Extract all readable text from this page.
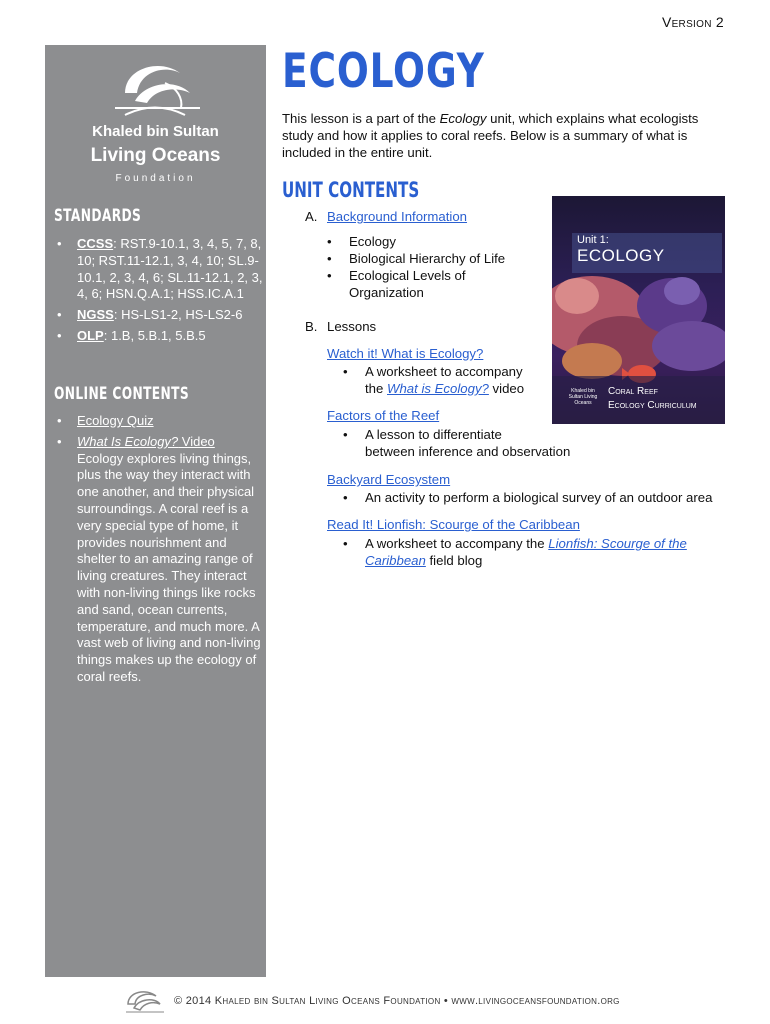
Version 2
Khaled bin Sultan
Living Oceans
Foundation
STANDARDS
• CCSS: RST.9-10.1, 3, 4, 5, 7, 8, 10; RST.11-12.1, 3, 4, 10; SL.9-10.1, 2, 3, 4, 6; SL.11-12.1, 2, 3, 4, 6; HSN.Q.A.1; HSS.IC.A.1
• NGSS: HS-LS1-2, HS-LS2-6
• OLP: 1.B, 5.B.1, 5.B.5
ONLINE CONTENTS
• Ecology Quiz
• What Is Ecology? Video
Ecology explores living things, plus the way they interact with one another, and their physical surroundings. A coral reef is a very special type of home, it provides nourishment and shelter to an amazing range of living creatures. They interact with non-living things like rocks and sand, ocean currents, temperature, and much more. A vast web of living and non-living things makes up the ecology of coral reefs.
ECOLOGY
This lesson is a part of the Ecology unit, which explains what ecologists study and how it applies to coral reefs. Below is a summary of what is included in the entire unit.
UNIT CONTENTS
A. Background Information
• Ecology
• Biological Hierarchy of Life
• Ecological Levels of
Organization
B. Lessons
Watch it! What is Ecology?
• A worksheet to accompany
the What is Ecology? video
Factors of the Reef
• A lesson to differentiate
between inference and observation
Backyard Ecosystem
• An activity to perform a biological survey of an outdoor area
Read It! Lionfish: Scourge of the Caribbean
• A worksheet to accompany the Lionfish: Scourge of the
Caribbean field blog
Unit 1:
ECOLOGY
Khaled bin Sultan Living Oceans
Coral Reef
Ecology Curriculum
© 2014 Khaled bin Sultan Living Oceans Foundation • www.livingoceansfoundation.org
